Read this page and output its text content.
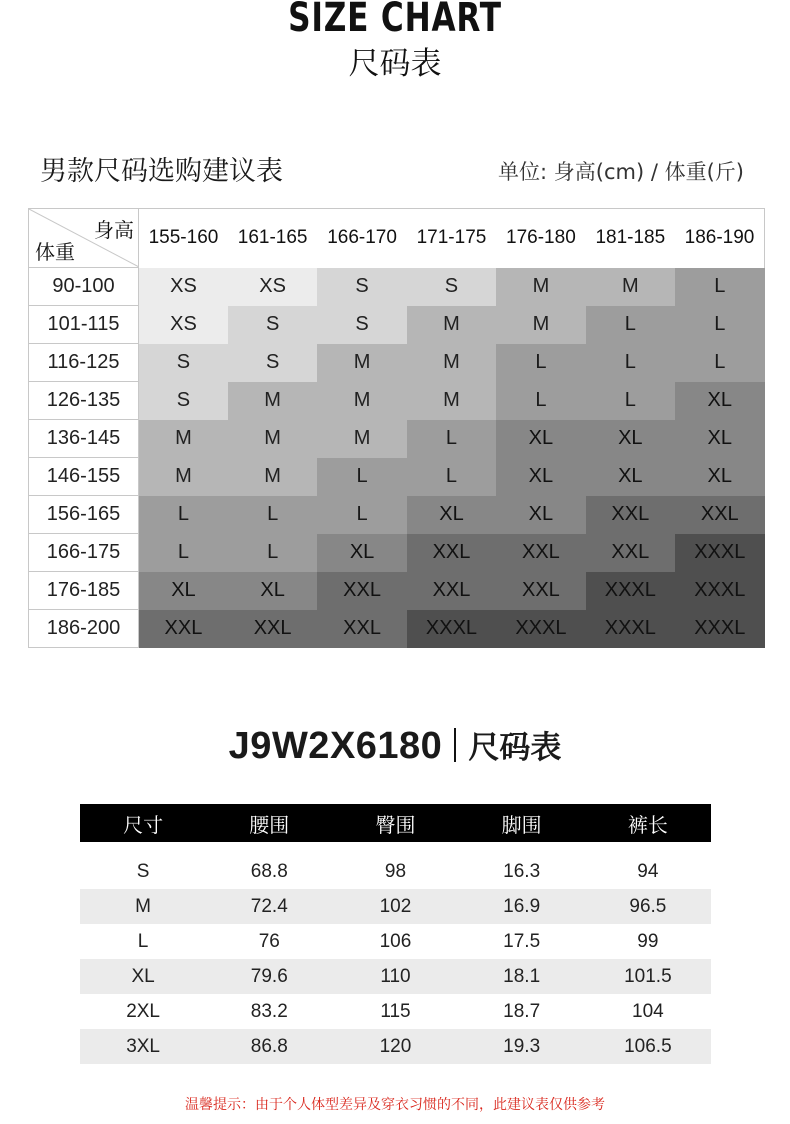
SIZE CHART
尺码表
男款尺码选购建议表	单位: 身高(cm) / 体重(斤)
身高
体重	155-160	161-165	166-170	171-175	176-180	181-185	186-190
90-100	XS	XS	S	S	M	M	L
101-115	XS	S	S	M	M	L	L
116-125	S	S	M	M	L	L	L
126-135	S	M	M	M	L	L	XL
136-145	M	M	M	L	XL	XL	XL
146-155	M	M	L	L	XL	XL	XL
156-165	L	L	L	XL	XL	XXL	XXL
166-175	L	L	XL	XXL	XXL	XXL	XXXL
176-185	XL	XL	XXL	XXL	XXL	XXXL	XXXL
186-200	XXL	XXL	XXL	XXXL	XXXL	XXXL	XXXL
J9W2X6180 尺码表
尺寸	腰围	臀围	脚围	裤长

S	68.8	98	16.3	94
M	72.4	102	16.9	96.5
L	76	106	17.5	99
XL	79.6	110	18.1	101.5
2XL	83.2	115	18.7	104
3XL	86.8	120	19.3	106.5
温馨提示：由于个人体型差异及穿衣习惯的不同，此建议表仅供参考
